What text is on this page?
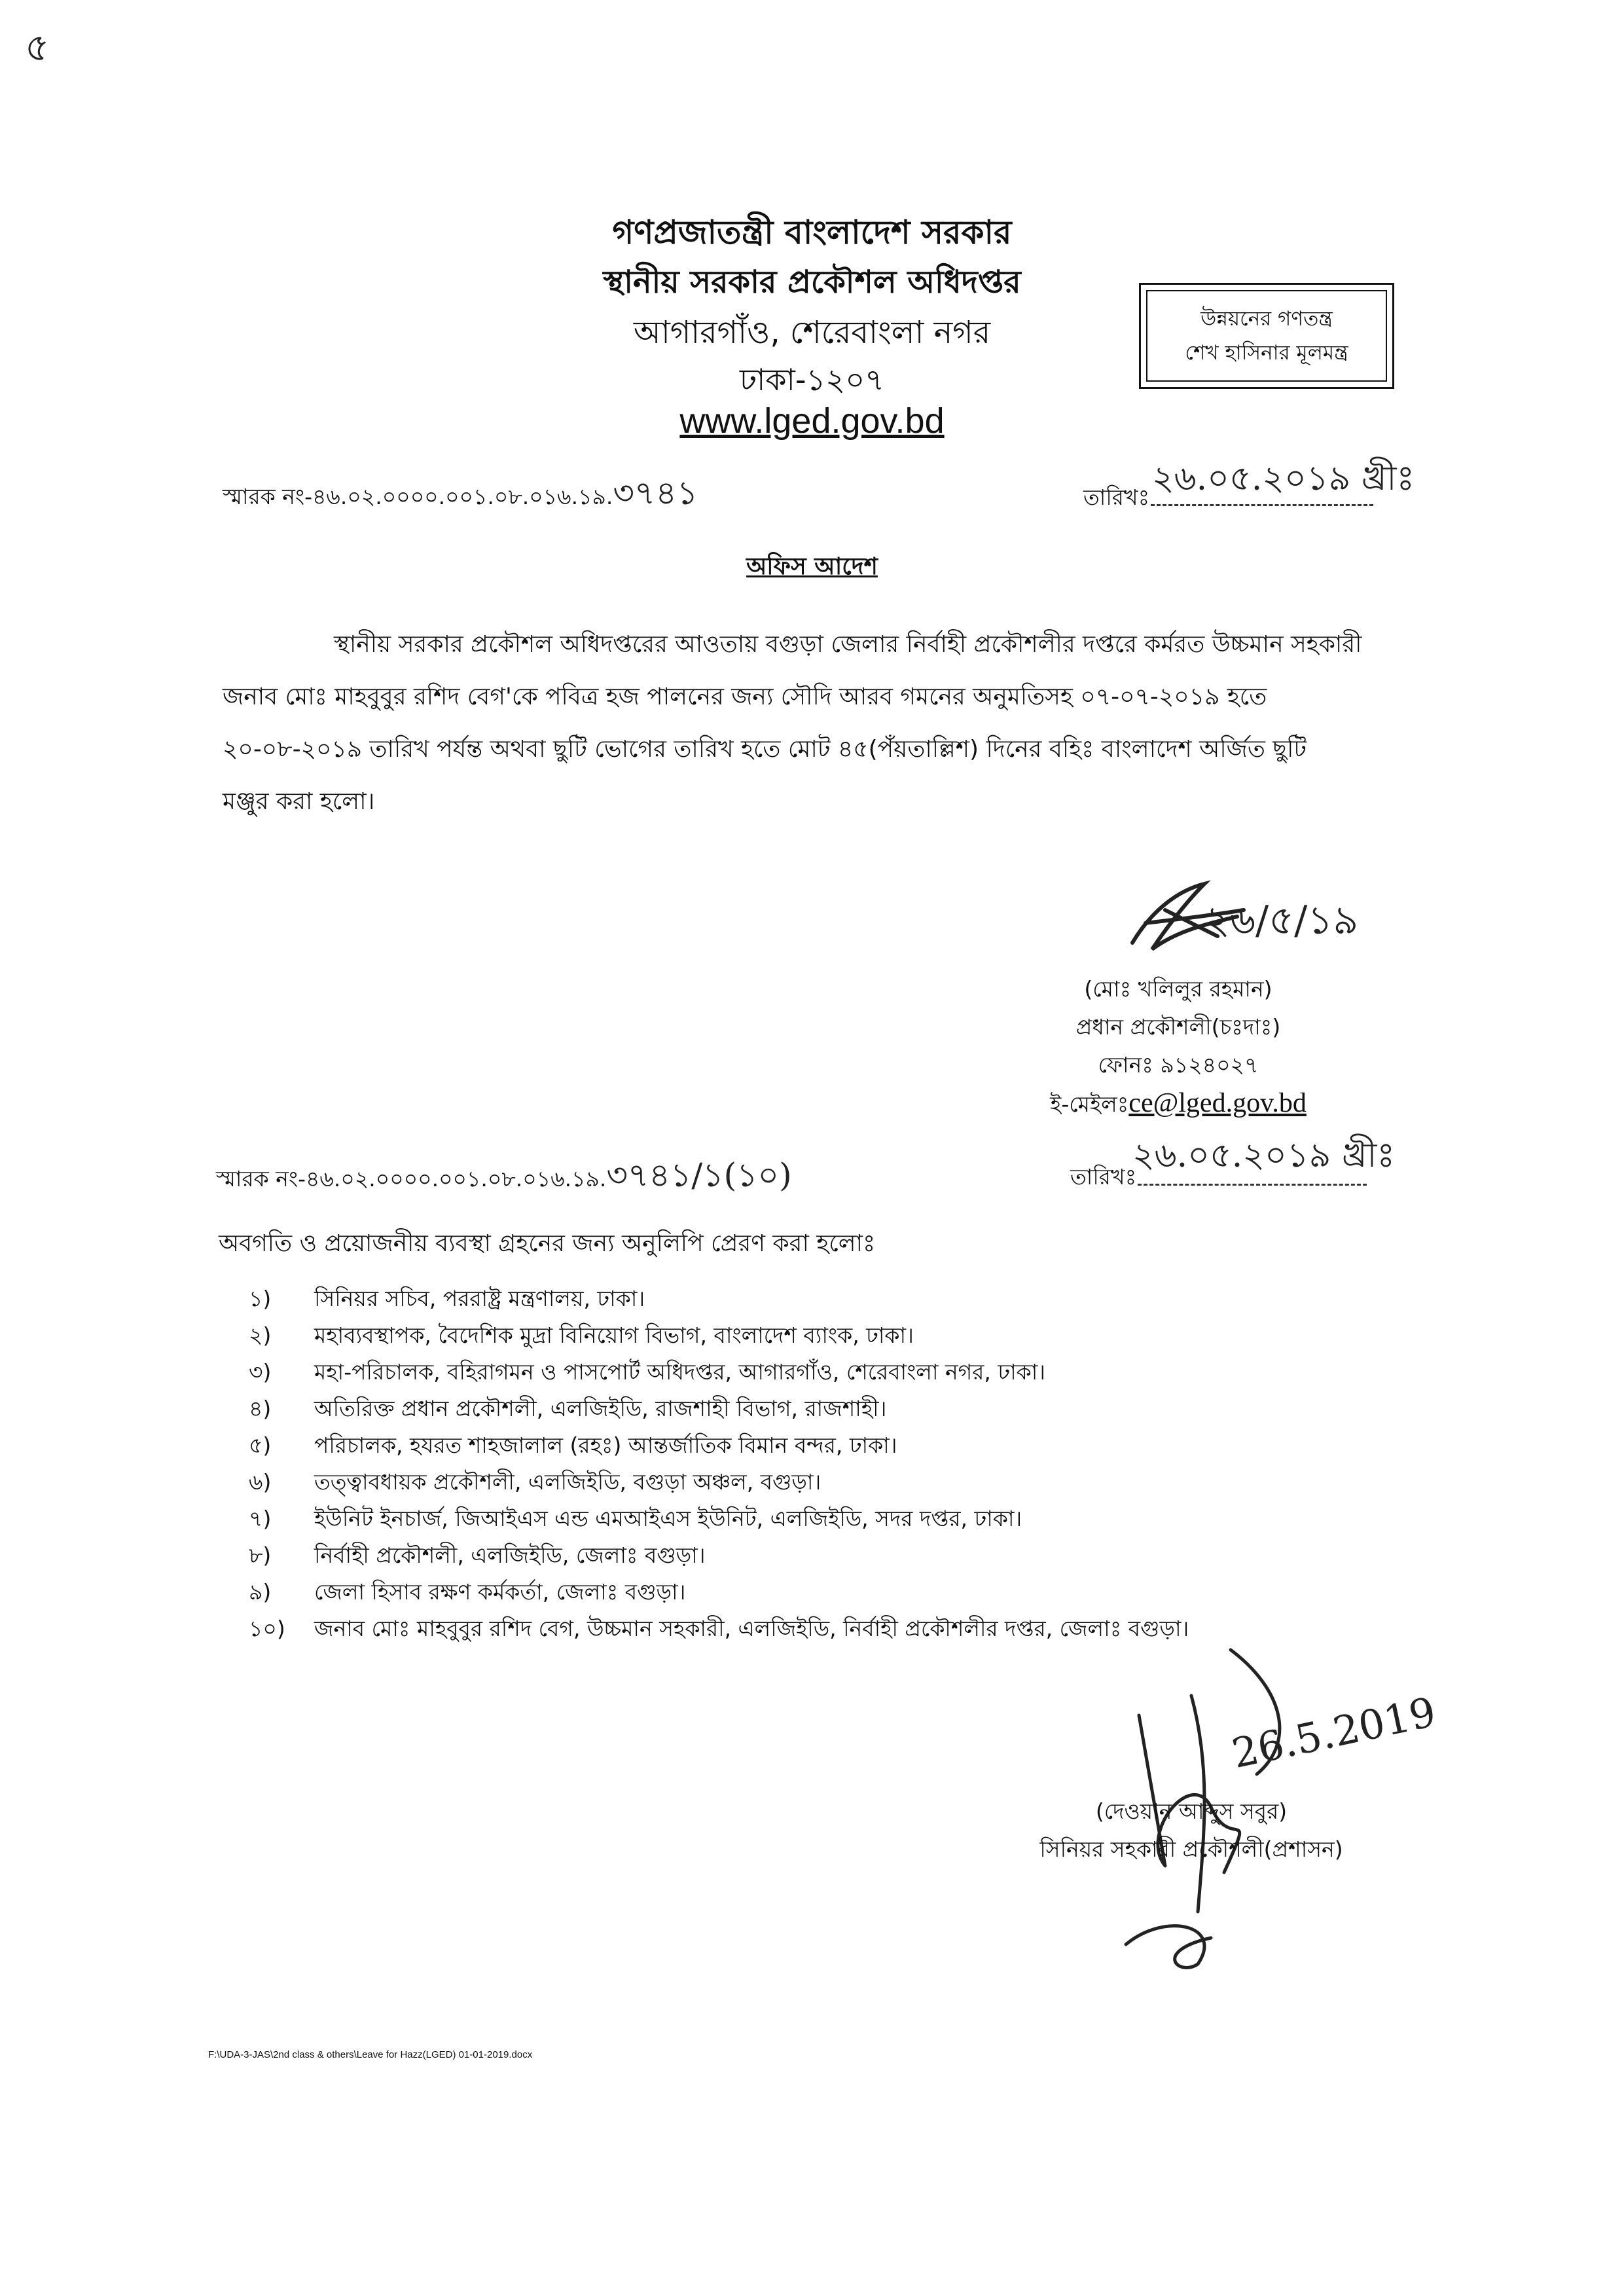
৫
গণপ্রজাতন্ত্রী বাংলাদেশ সরকার
স্থানীয় সরকার প্রকৌশল অধিদপ্তর
আগারগাঁও, শেরেবাংলা নগর
ঢাকা-১২০৭
www.lged.gov.bd
উন্নয়নের গণতন্ত্র
শেখ হাসিনার মূলমন্ত্র
স্মারক নং-৪৬.০২.০০০০.০০১.০৮.০১৬.১৯.৩৭৪১	তারিখঃ ২৬.০৫.২০১৯ খ্রীঃ
অফিস আদেশ

স্থানীয় সরকার প্রকৌশল অধিদপ্তরের আওতায় বগুড়া জেলার নির্বাহী প্রকৌশলীর দপ্তরে কর্মরত উচ্চমান সহকারী

জনাব মোঃ মাহবুবুর রশিদ বেগ'কে পবিত্র হজ পালনের জন্য সৌদি আরব গমনের অনুমতিসহ ০৭-০৭-২০১৯ হতে

২০-০৮-২০১৯ তারিখ পর্যন্ত অথবা ছুটি ভোগের তারিখ হতে মোট ৪৫(পঁয়তাল্লিশ) দিনের বহিঃ বাংলাদেশ অর্জিত ছুটি

মঞ্জুর করা হলো।

২৬/৫/১৯
(মোঃ খলিলুর রহমান)
প্রধান প্রকৌশলী(চঃদাঃ)
ফোনঃ ৯১২৪০২৭
ই-মেইলঃce@lged.gov.bd
স্মারক নং-৪৬.০২.০০০০.০০১.০৮.০১৬.১৯.৩৭৪১/১(১০)	তারিখঃ
২৬.০৫.২০১৯ খ্রীঃ
অবগতি ও প্রয়োজনীয় ব্যবস্থা গ্রহনের জন্য অনুলিপি প্রেরণ করা হলোঃ
১)	সিনিয়র সচিব, পররাষ্ট্র মন্ত্রণালয়, ঢাকা।
২)	মহাব্যবস্থাপক, বৈদেশিক মুদ্রা বিনিয়োগ বিভাগ, বাংলাদেশ ব্যাংক, ঢাকা।
৩)	মহা-পরিচালক, বহিরাগমন ও পাসপোর্ট অধিদপ্তর, আগারগাঁও, শেরেবাংলা নগর, ঢাকা।
৪)	অতিরিক্ত প্রধান প্রকৌশলী, এলজিইডি, রাজশাহী বিভাগ, রাজশাহী।
৫)	পরিচালক, হযরত শাহজালাল (রহঃ) আন্তর্জাতিক বিমান বন্দর, ঢাকা।
৬)	তত্ত্বাবধায়ক প্রকৌশলী, এলজিইডি, বগুড়া অঞ্চল, বগুড়া।
৭)	ইউনিট ইনচার্জ, জিআইএস এন্ড এমআইএস ইউনিট, এলজিইডি, সদর দপ্তর, ঢাকা।
৮)	নির্বাহী প্রকৌশলী, এলজিইডি, জেলাঃ বগুড়া।
৯)	জেলা হিসাব রক্ষণ কর্মকর্তা, জেলাঃ বগুড়া।
১০)	জনাব মোঃ মাহবুবুর রশিদ বেগ, উচ্চমান সহকারী, এলজিইডি, নির্বাহী প্রকৌশলীর দপ্তর, জেলাঃ বগুড়া।
26.5.2019
(দেওয়ান আব্দুস সবুর)
সিনিয়র সহকারী প্রকৌশলী(প্রশাসন)
F:\UDA-3-JAS\2nd class & others\Leave for Hazz(LGED) 01-01-2019.docx
